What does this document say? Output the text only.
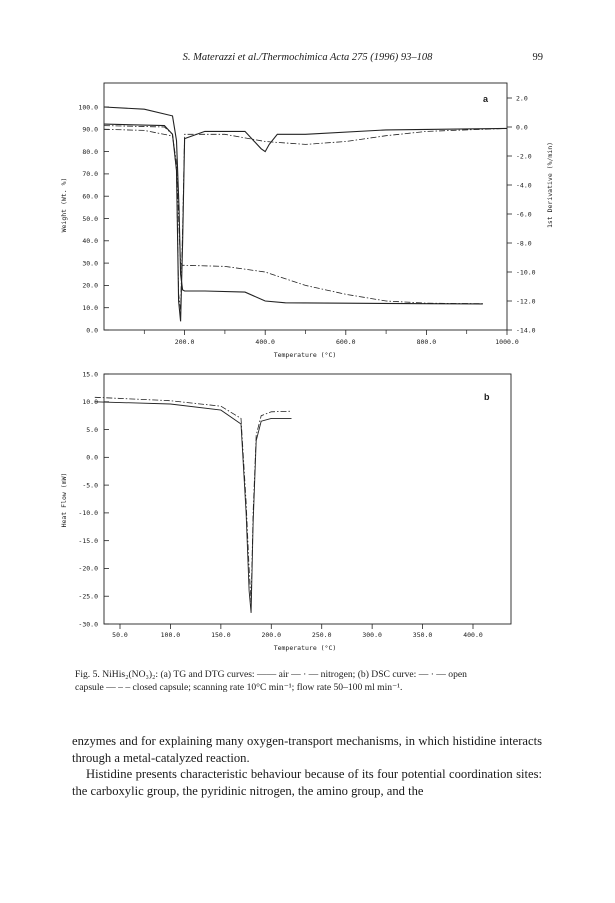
S. Materazzi et al./Thermochimica Acta 275 (1996) 93–108	99
100.0
90.0
80.0
70.0
60.0
50.0
40.0
30.0
20.0
10.0
0.0
2.0
0.0
-2.0
-4.0
-6.0
-8.0
-10.0
-12.0
-14.0
200.0	400.0	600.0	800.0	1000.0
a
Temperature (°C)
Weight (Wt. %)	1st Derivative (%/min)
15.0
10.0
5.0
0.0
-5.0
-10.0
-15.0
-20.0
-25.0
-30.0
50.0	100.0	150.0	200.0	250.0	300.0	350.0	400.0
b
Temperature (°C)
Heat Flow (mW)
Fig. 5. NiHis₂(NO₃)₂: (a) TG and DTG curves: —— air — · — nitrogen; (b) DSC curve: — · — open
capsule — – – closed capsule; scanning rate 10°C min⁻¹; flow rate 50–100 ml min⁻¹.

enzymes and for explaining many oxygen-transport mechanisms, in which histidine interacts through a metal-catalyzed reaction.

Histidine presents characteristic behaviour because of its four potential coordination sites: the carboxylic group, the pyridinic nitrogen, the amino group, and the
